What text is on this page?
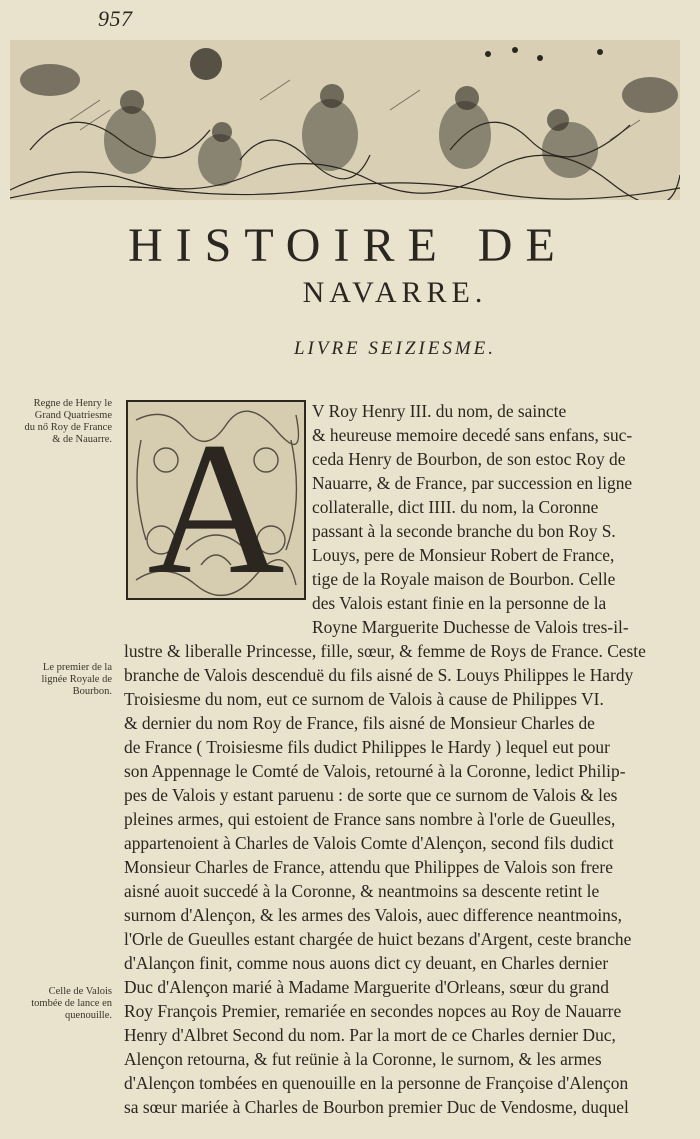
957
HISTOIRE DE
NAVARRE.
LIVRE SEIZIESME.
Regne de Henry le Grand Quatriesme du nő Roy de France & de Nauarre.
Le premier de la lignée Royale de Bourbon.
Celle de Valois tombée de lance en quenouille.
A V Roy Henry III. du nom, de saincte
& heureuse memoire decedé sans enfans, suc-
ceda Henry de Bourbon, de son estoc Roy de
Nauarre, & de France, par succession en ligne
collateralle, dict IIII. du nom, la Coronne
passant à la seconde branche du bon Roy S.
Louys, pere de Monsieur Robert de France,
tige de la Royale maison de Bourbon. Celle
des Valois estant finie en la personne de la
Royne Marguerite Duchesse de Valois tres-il-
lustre & liberalle Princesse, fille, sœur, & femme de Roys de France. Ceste
branche de Valois descenduë du fils aisné de S. Louys Philippes le Hardy
Troisiesme du nom, eut ce surnom de Valois à cause de Philippes VI.
& dernier du nom Roy de France, fils aisné de Monsieur Charles de
de France ( Troisiesme fils dudict Philippes le Hardy ) lequel eut pour
son Appennage le Comté de Valois, retourné à la Coronne, ledict Philip-
pes de Valois y estant paruenu : de sorte que ce surnom de Valois & les
pleines armes, qui estoient de France sans nombre à l'orle de Gueulles,
appartenoient à Charles de Valois Comte d'Alençon, second fils dudict
Monsieur Charles de France, attendu que Philippes de Valois son frere
aisné auoit succedé à la Coronne, & neantmoins sa descente retint le
surnom d'Alençon, & les armes des Valois, auec difference neantmoins,
l'Orle de Gueulles estant chargée de huict bezans d'Argent, ceste branche
d'Alançon finit, comme nous auons dict cy deuant, en Charles dernier
Duc d'Alençon marié à Madame Marguerite d'Orleans, sœur du grand
Roy François Premier, remariée en secondes nopces au Roy de Nauarre
Henry d'Albret Second du nom. Par la mort de ce Charles dernier Duc,
Alençon retourna, & fut reünie à la Coronne, le surnom, & les armes
d'Alençon tombées en quenouille en la personne de Françoise d'Alençon
sa sœur mariée à Charles de Bourbon premier Duc de Vendosme, duquel
